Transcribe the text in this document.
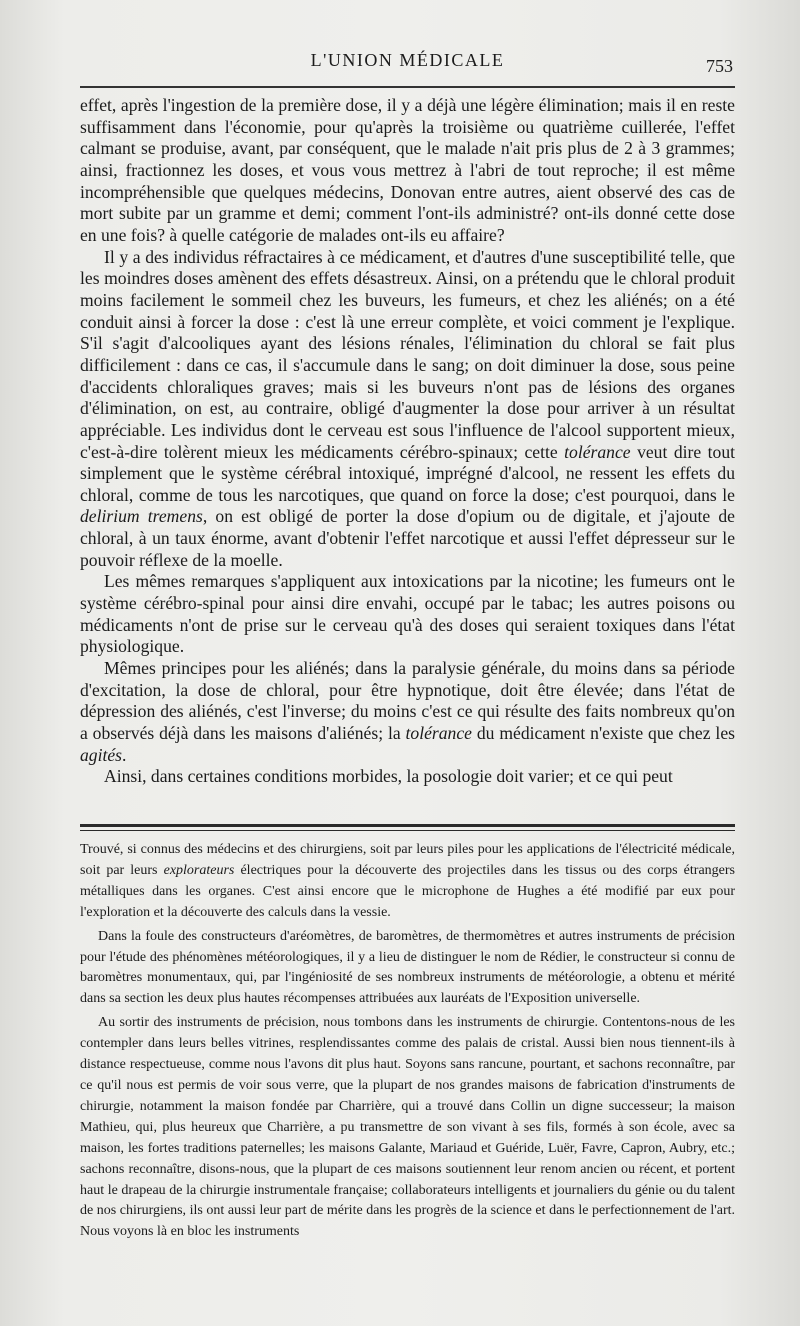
L'UNION MÉDICALE	753

effet, après l'ingestion de la première dose, il y a déjà une légère élimination; mais il en reste suffisamment dans l'économie, pour qu'après la troisième ou quatrième cuillerée, l'effet calmant se produise, avant, par conséquent, que le malade n'ait pris plus de 2 à 3 grammes; ainsi, fractionnez les doses, et vous vous mettrez à l'abri de tout reproche; il est même incompréhensible que quelques médecins, Donovan entre autres, aient observé des cas de mort subite par un gramme et demi; comment l'ont-ils administré? ont-ils donné cette dose en une fois? à quelle catégorie de malades ont-ils eu affaire?

Il y a des individus réfractaires à ce médicament, et d'autres d'une susceptibilité telle, que les moindres doses amènent des effets désastreux. Ainsi, on a prétendu que le chloral produit moins facilement le sommeil chez les buveurs, les fumeurs, et chez les aliénés; on a été conduit ainsi à forcer la dose : c'est là une erreur complète, et voici comment je l'explique. S'il s'agit d'alcooliques ayant des lésions rénales, l'élimination du chloral se fait plus difficilement : dans ce cas, il s'accumule dans le sang; on doit diminuer la dose, sous peine d'accidents chloraliques graves; mais si les buveurs n'ont pas de lésions des organes d'élimination, on est, au contraire, obligé d'augmenter la dose pour arriver à un résultat appréciable. Les individus dont le cerveau est sous l'influence de l'alcool supportent mieux, c'est-à-dire tolèrent mieux les médicaments cérébro-spinaux; cette tolérance veut dire tout simplement que le système cérébral intoxiqué, imprégné d'alcool, ne ressent les effets du chloral, comme de tous les narcotiques, que quand on force la dose; c'est pourquoi, dans le delirium tremens, on est obligé de porter la dose d'opium ou de digitale, et j'ajoute de chloral, à un taux énorme, avant d'obtenir l'effet narcotique et aussi l'effet dépresseur sur le pouvoir réflexe de la moelle.

Les mêmes remarques s'appliquent aux intoxications par la nicotine; les fumeurs ont le système cérébro-spinal pour ainsi dire envahi, occupé par le tabac; les autres poisons ou médicaments n'ont de prise sur le cerveau qu'à des doses qui seraient toxiques dans l'état physiologique.

Mêmes principes pour les aliénés; dans la paralysie générale, du moins dans sa période d'excitation, la dose de chloral, pour être hypnotique, doit être élevée; dans l'état de dépression des aliénés, c'est l'inverse; du moins c'est ce qui résulte des faits nombreux qu'on a observés déjà dans les maisons d'aliénés; la tolérance du médicament n'existe que chez les agités.

Ainsi, dans certaines conditions morbides, la posologie doit varier; et ce qui peut

Trouvé, si connus des médecins et des chirurgiens, soit par leurs piles pour les applications de l'électricité médicale, soit par leurs explorateurs électriques pour la découverte des projectiles dans les tissus ou des corps étrangers métalliques dans les organes. C'est ainsi encore que le microphone de Hughes a été modifié par eux pour l'exploration et la découverte des calculs dans la vessie.

Dans la foule des constructeurs d'aréomètres, de baromètres, de thermomètres et autres instruments de précision pour l'étude des phénomènes météorologiques, il y a lieu de distinguer le nom de Rédier, le constructeur si connu de baromètres monumentaux, qui, par l'ingéniosité de ses nombreux instruments de météorologie, a obtenu et mérité dans sa section les deux plus hautes récompenses attribuées aux lauréats de l'Exposition universelle.

Au sortir des instruments de précision, nous tombons dans les instruments de chirurgie. Contentons-nous de les contempler dans leurs belles vitrines, resplendissantes comme des palais de cristal. Aussi bien nous tiennent-ils à distance respectueuse, comme nous l'avons dit plus haut. Soyons sans rancune, pourtant, et sachons reconnaître, par ce qu'il nous est permis de voir sous verre, que la plupart de nos grandes maisons de fabrication d'instruments de chirurgie, notamment la maison fondée par Charrière, qui a trouvé dans Collin un digne successeur; la maison Mathieu, qui, plus heureux que Charrière, a pu transmettre de son vivant à ses fils, formés à son école, avec sa maison, les fortes traditions paternelles; les maisons Galante, Mariaud et Guéride, Luër, Favre, Capron, Aubry, etc.; sachons reconnaître, disons-nous, que la plupart de ces maisons soutiennent leur renom ancien ou récent, et portent haut le drapeau de la chirurgie instrumentale française; collaborateurs intelligents et journaliers du génie ou du talent de nos chirurgiens, ils ont aussi leur part de mérite dans les progrès de la science et dans le perfectionnement de l'art. Nous voyons là en bloc les instruments
